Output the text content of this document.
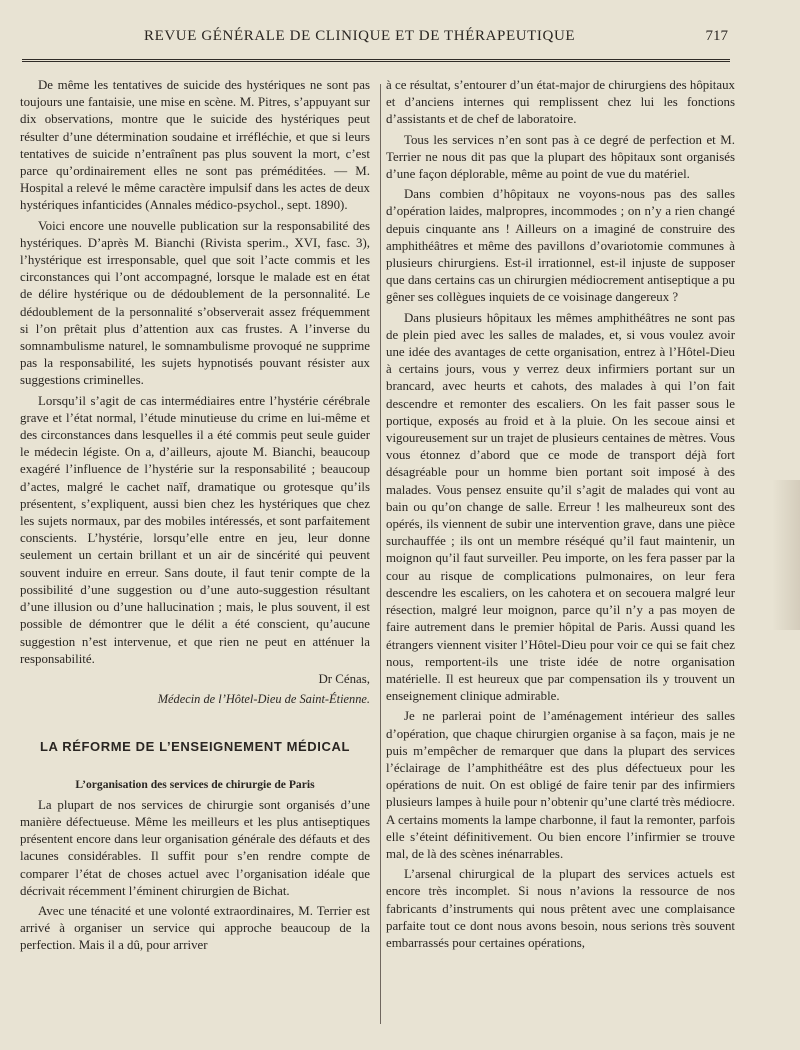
REVUE GÉNÉRALE DE CLINIQUE ET DE THÉRAPEUTIQUE	717

De même les tentatives de suicide des hystériques ne sont pas toujours une fantaisie, une mise en scène. M. Pitres, s’appuyant sur dix observations, montre que le suicide des hystériques peut résulter d’une détermination soudaine et irréfléchie, et que si leurs tentatives de suicide n’entraînent pas plus souvent la mort, c’est parce qu’ordinairement elles ne sont pas préméditées. — M. Hospital a relevé le même caractère impulsif dans les actes de deux hystériques infanticides (Annales médico-psychol., sept. 1890).

Voici encore une nouvelle publication sur la responsabilité des hystériques. D’après M. Bianchi (Rivista sperim., XVI, fasc. 3), l’hystérique est irresponsable, quel que soit l’acte commis et les circonstances qui l’ont accompagné, lorsque le malade est en état de délire hystérique ou de dédoublement de la personnalité. Le dédoublement de la personnalité s’observerait assez fréquemment si l’on prêtait plus d’attention aux cas frustes. A l’inverse du somnambulisme naturel, le somnambulisme provoqué ne supprime pas la responsabilité, les sujets hypnotisés pouvant résister aux suggestions criminelles.

Lorsqu’il s’agit de cas intermédiaires entre l’hystérie cérébrale grave et l’état normal, l’étude minutieuse du crime en lui-même et des circonstances dans lesquelles il a été commis peut seule guider le médecin légiste. On a, d’ailleurs, ajoute M. Bianchi, beaucoup exagéré l’influence de l’hystérie sur la responsabilité ; beaucoup d’actes, malgré le cachet naïf, dramatique ou grotesque qu’ils présentent, s’expliquent, aussi bien chez les hystériques que chez les sujets normaux, par des mobiles intéressés, et sont parfaitement conscients. L’hystérie, lorsqu’elle entre en jeu, leur donne seulement un certain brillant et un air de sincérité qui peuvent souvent induire en erreur. Sans doute, il faut tenir compte de la possibilité d’une suggestion ou d’une auto-suggestion résultant d’une illusion ou d’une hallucination ; mais, le plus souvent, il est possible de démontrer que le délit a été conscient, qu’aucune suggestion n’est intervenue, et que rien ne peut en atténuer la responsabilité.

Dr Cénas,

Médecin de l’Hôtel-Dieu de Saint-Étienne.

LA RÉFORME DE L’ENSEIGNEMENT MÉDICAL
L’organisation des services de chirurgie de Paris

La plupart de nos services de chirurgie sont organisés d’une manière défectueuse. Même les meilleurs et les plus antiseptiques présentent encore dans leur organisation générale des défauts et des lacunes considérables. Il suffit pour s’en rendre compte de comparer l’état de choses actuel avec l’organisation idéale que décrivait récemment l’éminent chirurgien de Bichat.

Avec une ténacité et une volonté extraordinaires, M. Terrier est arrivé à organiser un service qui approche beaucoup de la perfection. Mais il a dû, pour arriver

à ce résultat, s’entourer d’un état-major de chirurgiens des hôpitaux et d’anciens internes qui remplissent chez lui les fonctions d’assistants et de chef de laboratoire.

Tous les services n’en sont pas à ce degré de perfection et M. Terrier ne nous dit pas que la plupart des hôpitaux sont organisés d’une façon déplorable, même au point de vue du matériel.

Dans combien d’hôpitaux ne voyons-nous pas des salles d’opération laides, malpropres, incommodes ; on n’y a rien changé depuis cinquante ans ! Ailleurs on a imaginé de construire des amphithéâtres et même des pavillons d’ovariotomie communes à plusieurs chirurgiens. Est-il irrationnel, est-il injuste de supposer que dans certains cas un chirurgien médiocrement antiseptique a pu gêner ses collègues inquiets de ce voisinage dangereux ?

Dans plusieurs hôpitaux les mêmes amphithéâtres ne sont pas de plein pied avec les salles de malades, et, si vous voulez avoir une idée des avantages de cette organisation, entrez à l’Hôtel-Dieu à certains jours, vous y verrez deux infirmiers portant sur un brancard, avec heurts et cahots, des malades à qui l’on fait descendre et remonter des escaliers. On les fait passer sous le portique, exposés au froid et à la pluie. On les secoue ainsi et vigoureusement sur un trajet de plusieurs centaines de mètres. Vous vous étonnez d’abord que ce mode de transport déjà fort désagréable pour un homme bien portant soit imposé à des malades. Vous pensez ensuite qu’il s’agit de malades qui vont au bain ou qu’on change de salle. Erreur ! les malheureux sont des opérés, ils viennent de subir une intervention grave, dans une pièce surchauffée ; ils ont un membre réséqué qu’il faut maintenir, un moignon qu’il faut surveiller. Peu importe, on les fera passer par la cour au risque de complications pulmonaires, on leur fera descendre les escaliers, on les cahotera et on secouera malgré leur résection, malgré leur moignon, parce qu’il n’y a pas moyen de faire autrement dans le premier hôpital de Paris. Aussi quand les étrangers viennent visiter l’Hôtel-Dieu pour voir ce qui se fait chez nous, remportent-ils une triste idée de notre organisation matérielle. Il est heureux que par compensation ils y trouvent un enseignement clinique admirable.

Je ne parlerai point de l’aménagement intérieur des salles d’opération, que chaque chirurgien organise à sa façon, mais je ne puis m’empêcher de remarquer que dans la plupart des services l’éclairage de l’amphithéâtre est des plus défectueux pour les opérations de nuit. On est obligé de faire tenir par des infirmiers plusieurs lampes à huile pour n’obtenir qu’une clarté très médiocre. A certains moments la lampe charbonne, il faut la remonter, parfois elle s’éteint définitivement. Ou bien encore l’infirmier se trouve mal, de là des scènes inénarrables.

L’arsenal chirurgical de la plupart des services actuels est encore très incomplet. Si nous n’avions la ressource de nos fabricants d’instruments qui nous prêtent avec une complaisance parfaite tout ce dont nous avons besoin, nous serions très souvent embarrassés pour certaines opérations,
